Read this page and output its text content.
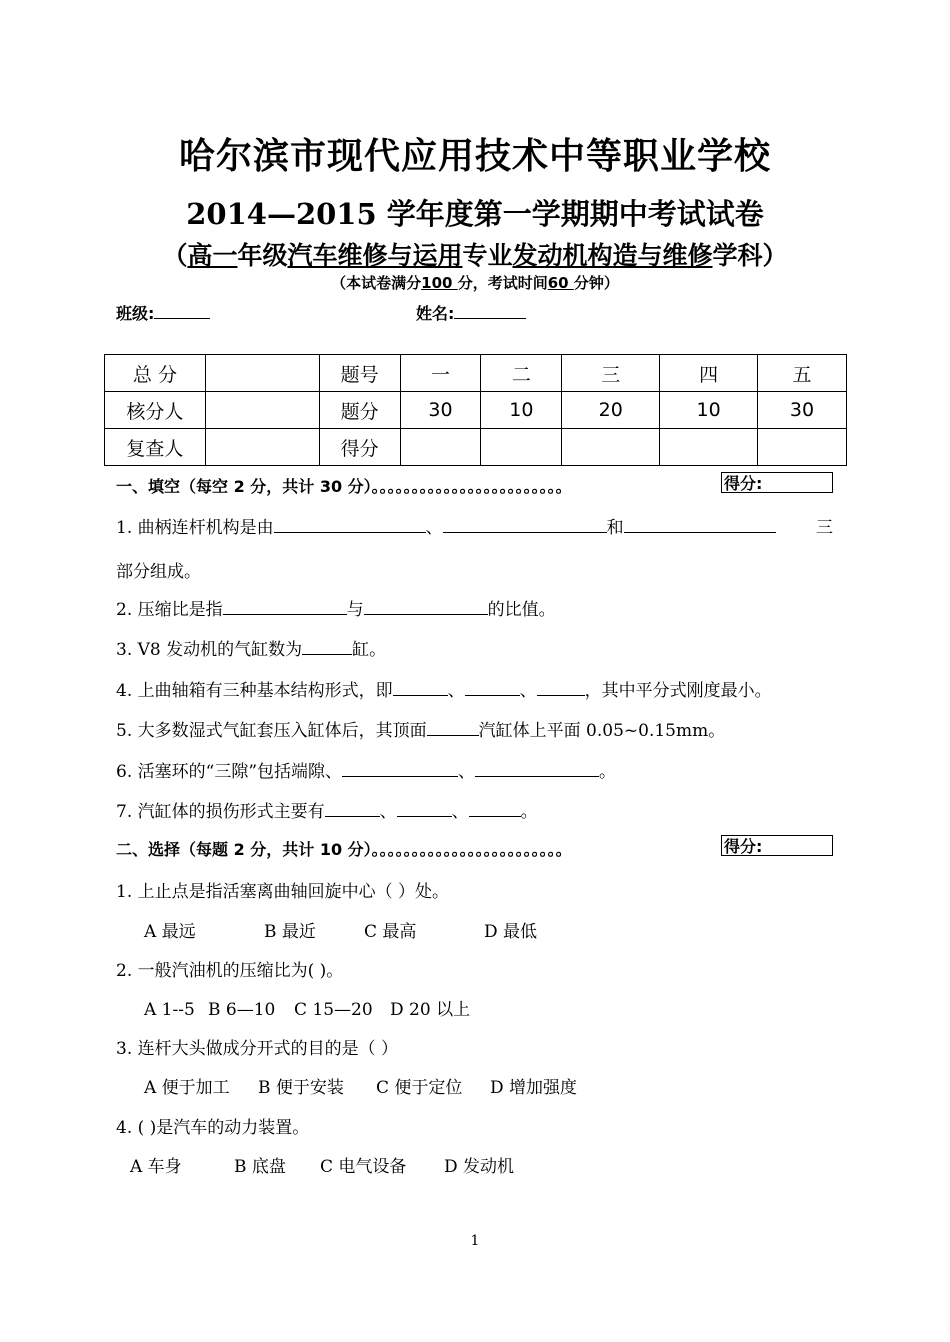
哈尔滨市现代应用技术中等职业学校
2014—2015 学年度第一学期期中考试试卷
（高一年级汽车维修与运用专业发动机构造与维修学科）
（本试卷满分100 分，考试时间60 分钟）
班级:	姓名:
总 分		题号	一	二	三	四	五
核分人		题分	30	10	20	10	30
复查人		得分					
一、填空（每空 2 分，共计 30 分）。。。。。。。。。。。。。。。。。。。。。。。。	得分:
1. 曲柄连杆机构是由	、	和	三
部分组成。
2. 压缩比是指	与	的比值。
3. V8 发动机的气缸数为	缸。
4. 上曲轴箱有三种基本结构形式，即	、	、	，其中平分式刚度最小。
5. 大多数湿式气缸套压入缸体后，其顶面	汽缸体上平面 0.05~0.15mm。
6. 活塞环的“三隙”包括端隙、	、	。
7. 汽缸体的损伤形式主要有	、	、	。
二、选择（每题 2 分，共计 10 分）。。。。。。。。。。。。。。。。。。。。。。。。	得分:
1. 上止点是指活塞离曲轴回旋中心（ ）处。
A 最远	B 最近	C 最高	D 最低
2. 一般汽油机的压缩比为( )。
A 1--5 B 6—10 C 15—20 D 20 以上
3. 连杆大头做成分开式的目的是（ ）
A 便于加工 B 便于安装 C 便于定位 D 增加强度
4. ( )是汽车的动力装置。
A 车身	B 底盘 C 电气设备 D 发动机
1
